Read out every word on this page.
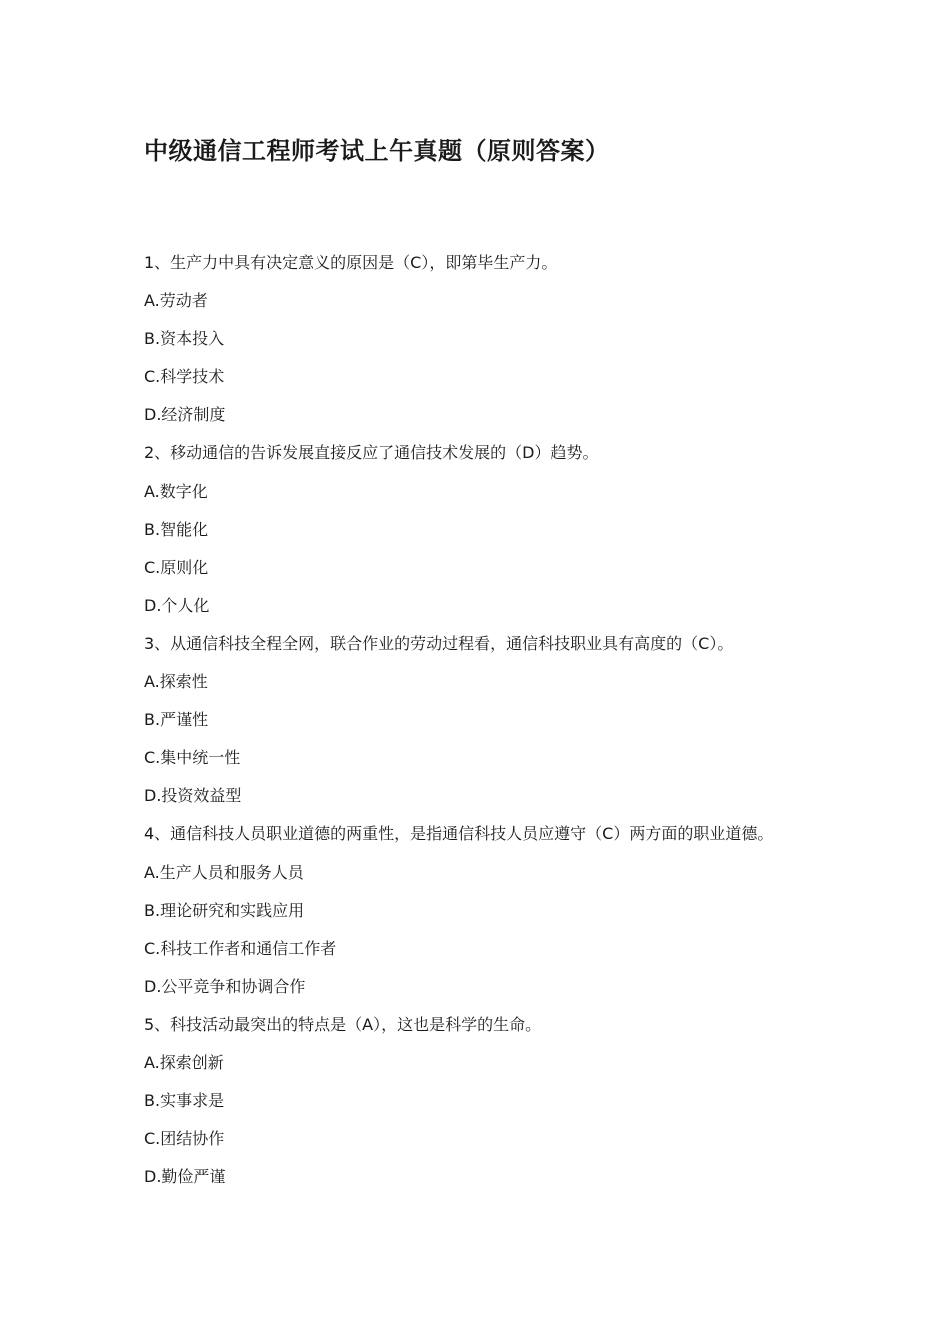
中级通信工程师考试上午真题（原则答案）
1、生产力中具有决定意义的原因是（C），即第毕生产力。
A.劳动者
B.资本投入
C.科学技术
D.经济制度
2、移动通信的告诉发展直接反应了通信技术发展的（D）趋势。
A.数字化
B.智能化
C.原则化
D.个人化
3、从通信科技全程全网，联合作业的劳动过程看，通信科技职业具有高度的（C）。
A.探索性
B.严谨性
C.集中统一性
D.投资效益型
4、通信科技人员职业道德的两重性，是指通信科技人员应遵守（C）两方面的职业道德。
A.生产人员和服务人员
B.理论研究和实践应用
C.科技工作者和通信工作者
D.公平竞争和协调合作
5、科技活动最突出的特点是（A），这也是科学的生命。
A.探索创新
B.实事求是
C.团结协作
D.勤俭严谨
